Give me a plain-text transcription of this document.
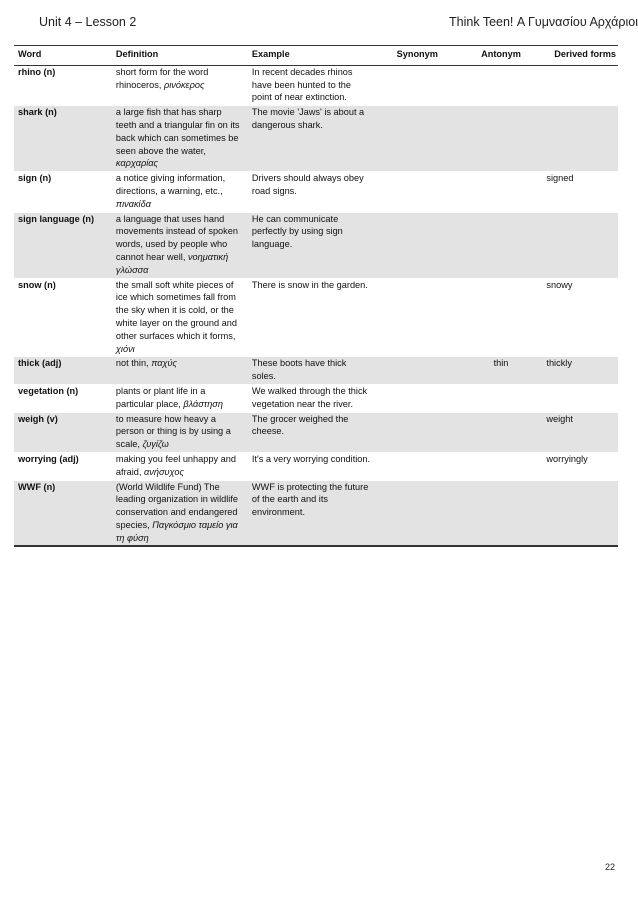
Unit 4 – Lesson 2	Think Teen! Α Γυμνασίου Αρχάριοι
Word	Definition	Example	Synonym	Antonym	Derived forms
rhino (n)	short form for the word rhinoceros, ρινόκερος	In recent decades rhinos have been hunted to the point of near extinction.			
shark (n)	a large fish that has sharp teeth and a triangular fin on its back which can sometimes be seen above the water, καρχαρίας	The movie 'Jaws' is about a dangerous shark.			
sign (n)	a notice giving information, directions, a warning, etc., πινακίδα	Drivers should always obey road signs.			signed
sign language (n)	a language that uses hand movements instead of spoken words, used by people who cannot hear well, νοηματική γλώσσα	He can communicate perfectly by using sign language.			
snow (n)	the small soft white pieces of ice which sometimes fall from the sky when it is cold, or the white layer on the ground and other surfaces which it forms, χιόνι	There is snow in the garden.			snowy
thick (adj)	not thin, παχύς	These boots have thick soles.		thin	thickly
vegetation (n)	plants or plant life in a particular place, βλάστηση	We walked through the thick vegetation near the river.			
weigh (v)	to measure how heavy a person or thing is by using a scale, ζυγίζω	The grocer weighed the cheese.			weight
worrying (adj)	making you feel unhappy and afraid, ανήσυχος	It's a very worrying condition.			worryingly
WWF (n)	(World Wildlife Fund) The leading organization in wildlife conservation and endangered species, Παγκόσμιο ταμείο για τη φύση	WWF is protecting the future of the earth and its environment.			
22
